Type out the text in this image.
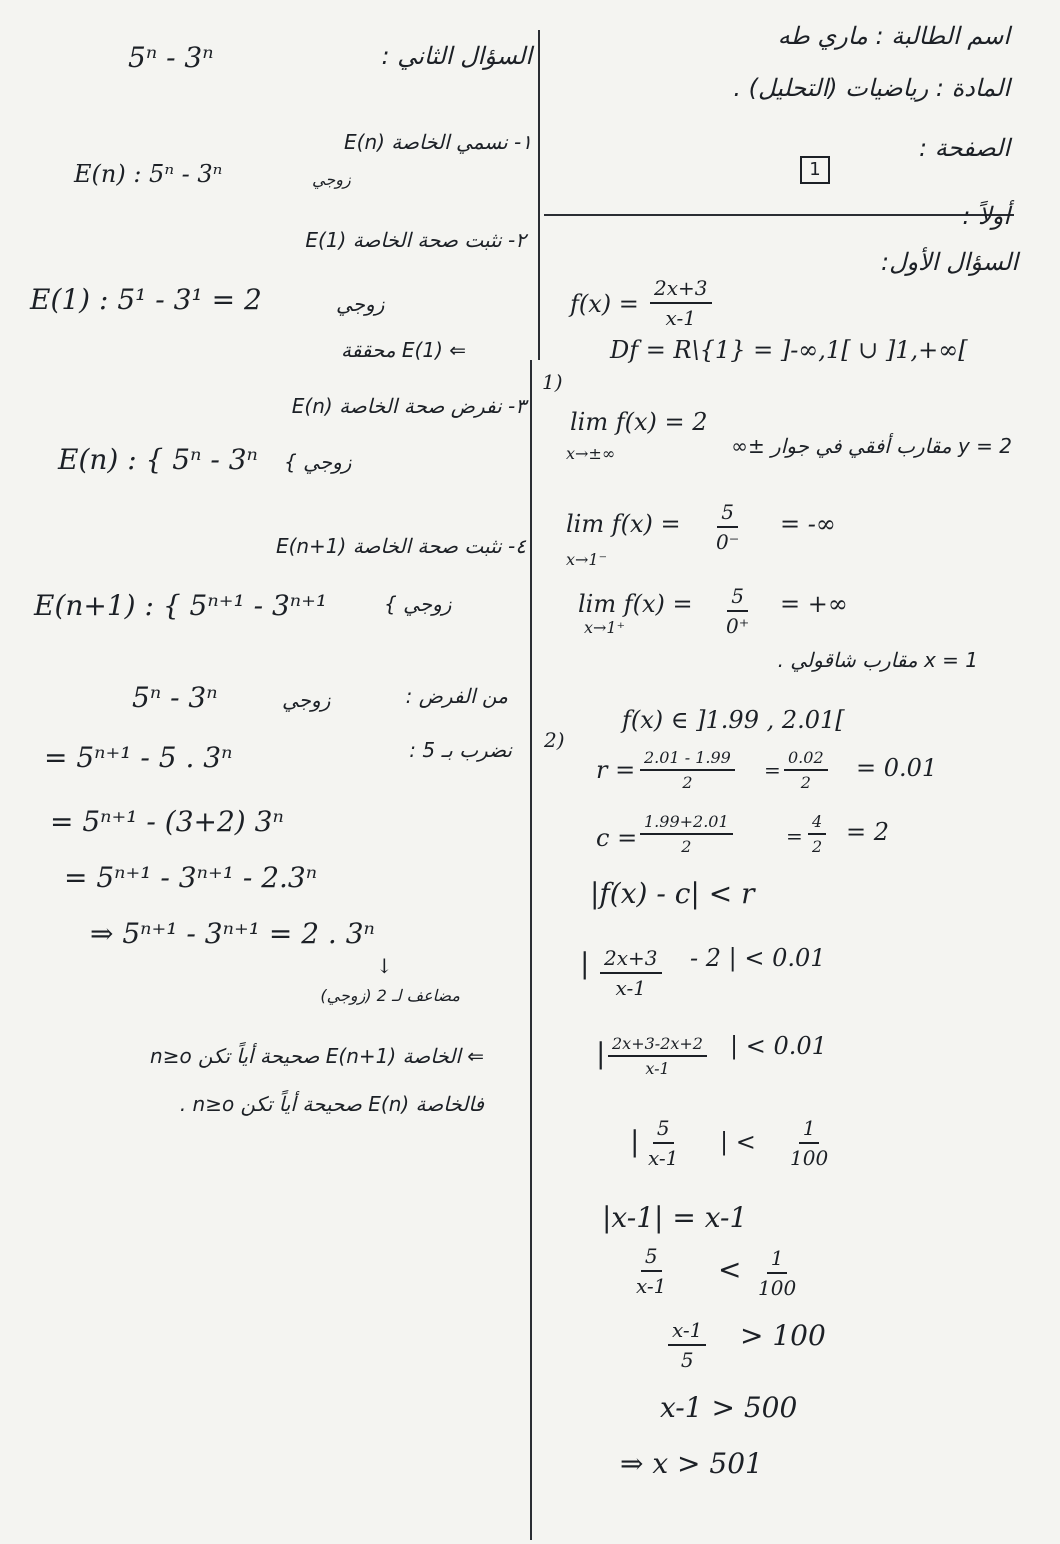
اسم الطالبة : ماري طه
المادة : رياضيات (التحليل) .
الصفحة :
1
أولاً :
السؤال الأول:
$f(x) = \frac{2x+3}{x-1}$
Df = R\{1} = ]-∞,1[ ∪ ]1,+∞[
1)
lim f(x) = 2
x→±∞	y = 2 مقارب أفقي في جوار ±∞
$\lim f(x) = \frac{5}{0^-}$ = -∞
x→1⁻
$\lim f(x) = \frac{5}{0^+}$ = +∞
x→1⁺
x = 1 مقارب شاقولي .
2)
f(x) ∈ ]1.99 , 2.01[
$r = \frac{2.01 - 1.99}{2} = \frac{0.02}{2} = 0.01$
$c = \frac{1.99+2.01}{2}$	= $\frac{4}{2} = 2$
|f(x) - c| < r
| $\frac{2x+3}{x-1} - 2$ | < 0.01
| $\frac{2x+3-2x+2}{x-1}$ | < 0.01
| $\frac{5}{x-1}$ | < $\frac{1}{100}$
|x-1| = x-1
$\frac{5}{x-1} < \frac{1}{100}$
$\frac{x-1}{5} > 100$
x-1 > 500
⇒ x > 501
5ⁿ - 3ⁿ	السؤال الثاني :
١- نسمي الخاصة E(n)
E(n) : 5ⁿ - 3ⁿ	زوجي
٢- نثبت صحة الخاصة E(1)
E(1) : 5¹ - 3¹ = 2	زوجي
⇐ E(1) محققة
٣- نفرض صحة الخاصة E(n)
E(n) : { 5ⁿ - 3ⁿ زوجي }
٤- نثبت صحة الخاصة E(n+1)
E(n+1) : { 5ⁿ⁺¹ - 3ⁿ⁺¹	زوجي }
5ⁿ - 3ⁿ	زوجي	من الفرض :
نضرب بـ 5 :
= 5ⁿ⁺¹ - 5 . 3ⁿ
= 5ⁿ⁺¹ - (3+2) 3ⁿ
= 5ⁿ⁺¹ - 3ⁿ⁺¹ - 2.3ⁿ
⇒ 5ⁿ⁺¹ - 3ⁿ⁺¹ = 2 . 3ⁿ
↓
مضاعف لـ 2 (زوجي)
⇐ الخاصة E(n+1) صحيحة أياً تكن n≥o
فالخاصة E(n) صحيحة أياً تكن n≥o .
